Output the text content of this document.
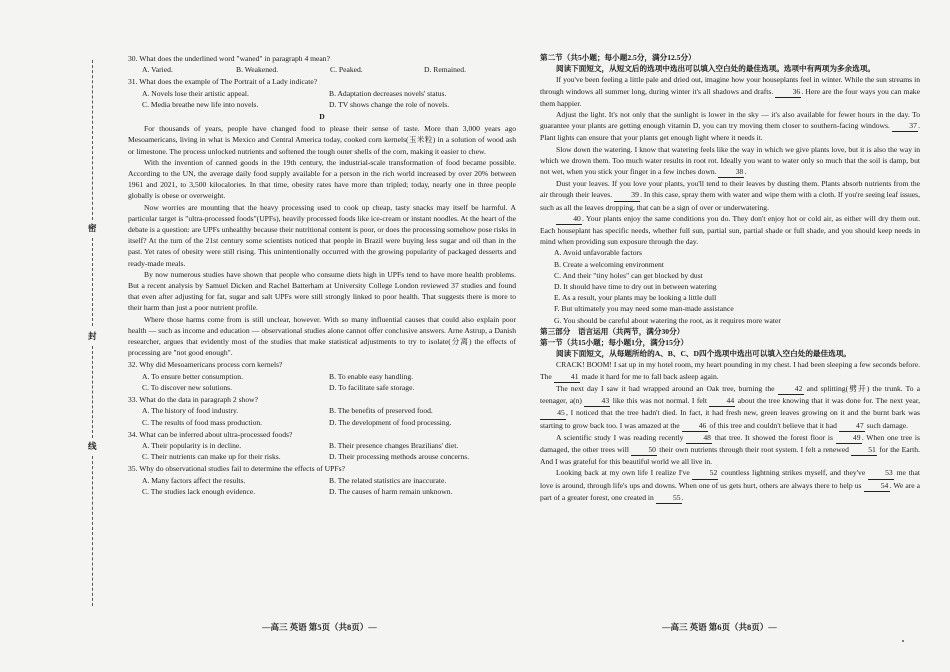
密
封
线

30. What does the underlined word "waned" in paragraph 4 mean?

A. Varied.	B. Weakened.	C. Peaked.	D. Remained.

31. What does the example of The Portrait of a Lady indicate?

A. Novels lose their artistic appeal.	B. Adaptation decreases novels' status.
C. Media breathe new life into novels.	D. TV shows change the role of novels.

D

For thousands of years, people have changed food to please their sense of taste. More than 3,000 years ago Mesoamericans, living in what is Mexico and Central America today, cooked corn kernels(玉米粒) in a solution of wood ash or limestone. The process unlocked nutrients and softened the tough outer shells of the corn, making it easier to chew.

With the invention of canned goods in the 19th century, the industrial-scale transformation of food became possible. According to the UN, the average daily food supply available for a person in the rich world increased by over 20% between 1961 and 2021, to 3,500 kilocalories. In that time, obesity rates have more than tripled; today, nearly one in three people globally is obese or overweight.

Now worries are mounting that the heavy processing used to cook up cheap, tasty snacks may itself be harmful. A particular target is "ultra-processed foods"(UPFs), heavily processed foods like ice-cream or instant noodles. At the heart of the debate is a question: are UPFs unhealthy because their nutritional content is poor, or does the processing somehow pose risks in itself? At the turn of the 21st century some scientists noticed that people in Brazil were buying less sugar and oil than in the past. Yet rates of obesity were still rising. This unintentionally occurred with the growing popularity of packaged desserts and ready-made meals.

By now numerous studies have shown that people who consume diets high in UPFs tend to have more health problems. But a recent analysis by Samuel Dicken and Rachel Batterham at University College London reviewed 37 studies and found that even after adjusting for fat, sugar and salt UPFs were still strongly linked to poor health. That suggests there is more to their harm than just a poor nutrient profile.

Where those harms come from is still unclear, however. With so many influential causes that could also explain poor health — such as income and education — observational studies alone cannot offer conclusive answers. Arne Astrup, a Danish researcher, argues that evidently most of the studies that make statistical adjustments to try to isolate(分离) the effects of processing are "not good enough".

32. Why did Mesoamericans process corn kernels?

A. To ensure better consumption.	B. To enable easy handling.
C. To discover new solutions.	D. To facilitate safe storage.

33. What do the data in paragraph 2 show?

A. The history of food industry.	B. The benefits of preserved food.
C. The results of food mass production.	D. The development of food processing.

34. What can be inferred about ultra-processed foods?

A. Their popularity is in decline.	B. Their presence changes Brazilians' diet.
C. Their nutrients can make up for their risks.	D. Their processing methods arouse concerns.

35. Why do observational studies fail to determine the effects of UPFs?

A. Many factors affect the results.	B. The related statistics are inaccurate.
C. The studies lack enough evidence.	D. The causes of harm remain unknown.
—高三 英语 第5页（共8页）—

第二节（共5小题；每小题2.5分，满分12.5分）

阅读下面短文，从短文后的选项中选出可以填入空白处的最佳选项。选项中有两项为多余选项。

If you've been feeling a little pale and dried out, imagine how your houseplants feel in winter. While the sun streams in through windows all summer long, during winter it's all shadows and drafts.	36. Here are the four ways you can make them happier.

Adjust the light. It's not only that the sunlight is lower in the sky — it's also available for fewer hours in the day. To guarantee your plants are getting enough vitamin D, you can try moving them closer to southern-facing windows.	37. Plant lights can ensure that your plants get enough light where it needs it.

Slow down the watering. I know that watering feels like the way in which we give plants love, but it is also the way in which we drown them. Too much water results in root rot. Ideally you want to water only so much that the soil is damp, but not wet, when you stick your finger in a few inches down.	38.

Dust your leaves. If you love your plants, you'll tend to their leaves by dusting them. Plants absorb nutrients from the air through their leaves.	39. In this case, spray them with water and wipe them with a cloth. If you're seeing leaf issues, such as all the leaves dropping, that can be a sign of over or underwatering.

40. Your plants enjoy the same conditions you do. They don't enjoy hot or cold air, as either will dry them out. Each houseplant has specific needs, whether full sun, partial sun, partial shade or full shade, and you should keep needs in mind when providing sun exposure through the day.

A. Avoid unfavorable factors

B. Create a welcoming environment

C. And their "tiny holes" can get blocked by dust

D. It should have time to dry out in between watering

E. As a result, your plants may be looking a little dull

F. But ultimately you may need some man-made assistance

G. You should be careful about watering the root, as it requires more water

第三部分　语言运用（共两节，满分30分）

第一节（共15小题；每小题1分，满分15分）

阅读下面短文，从每题所给的A、B、C、D四个选项中选出可以填入空白处的最佳选项。

CRACK! BOOM! I sat up in my hotel room, my heart pounding in my chest. I had been sleeping a few seconds before. The	41 made it hard for me to fall back asleep again.

The next day I saw it had wrapped around an Oak tree, burning the	42 and splitting(劈开) the trunk. To a teenager, a(n)	43 like this was not normal. I felt	44 about the tree knowing that it was done for. The next year, 45, I noticed that the tree hadn't died. In fact, it had fresh new, green leaves growing on it and the burnt bark was starting to grow back too. I was amazed at the	46 of this tree and couldn't believe that it had	47 such damage.

A scientific study I was reading recently	48 that tree. It showed the forest floor is	49. When one tree is damaged, the other trees will	50 their own nutrients through their root system. I felt a renewed	51 for the Earth. And I was grateful for this beautiful world we all live in.

Looking back at my own life I realize I've	52 countless lightning strikes myself, and they've	53 me that love is around, through life's ups and downs. When one of us gets hurt, others are always there to help us	54. We are a part of a greater forest, one created in	55.

—高三 英语 第6页（共8页）—
